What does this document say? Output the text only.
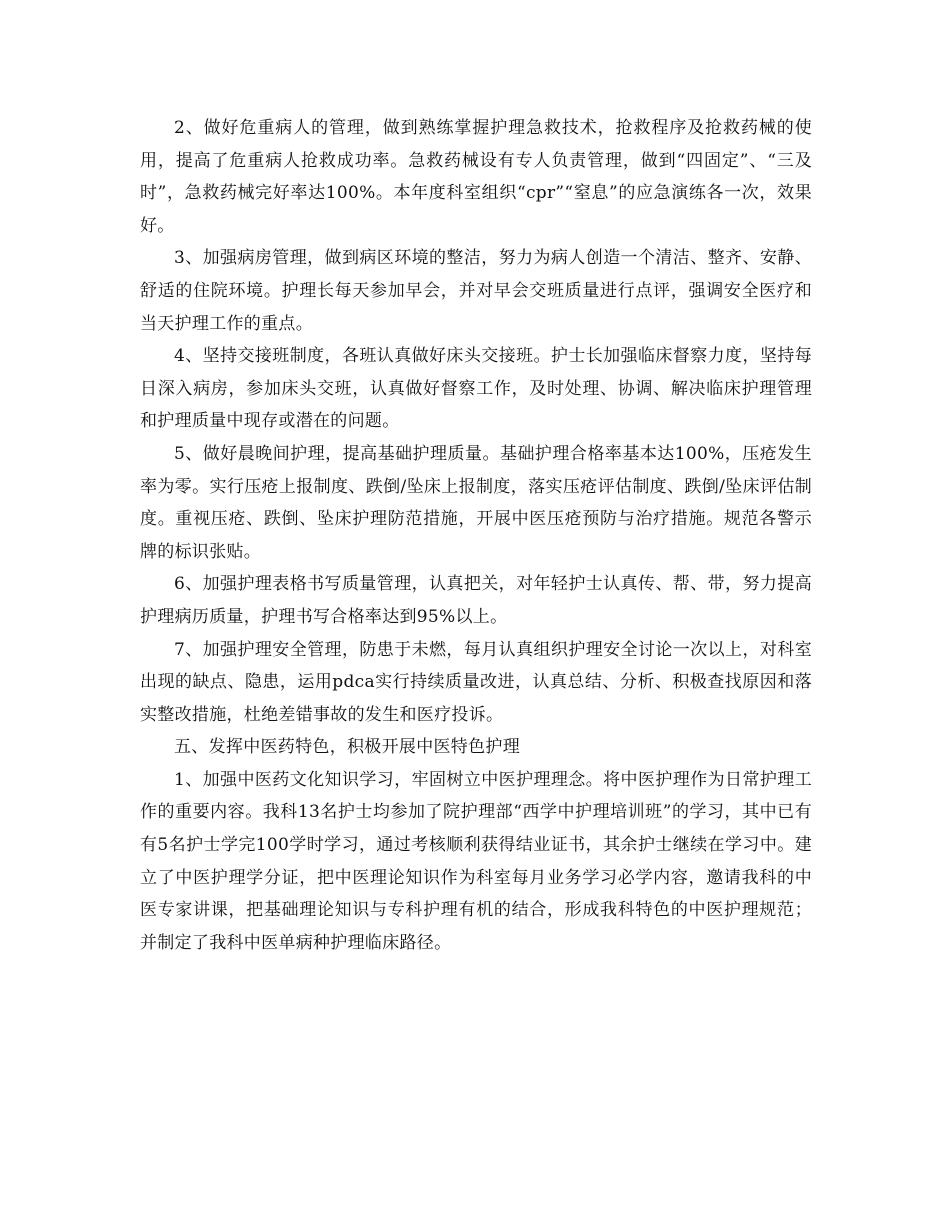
2、做好危重病人的管理，做到熟练掌握护理急救技术，抢救程序及抢救药械的使用，提高了危重病人抢救成功率。急救药械设有专人负责管理，做到“四固定”、“三及时”，急救药械完好率达100%。本年度科室组织“cpr”“窒息”的应急演练各一次，效果好。

3、加强病房管理，做到病区环境的整洁，努力为病人创造一个清洁、整齐、安静、舒适的住院环境。护理长每天参加早会，并对早会交班质量进行点评，强调安全医疗和当天护理工作的重点。

4、坚持交接班制度，各班认真做好床头交接班。护士长加强临床督察力度，坚持每日深入病房，参加床头交班，认真做好督察工作，及时处理、协调、解决临床护理管理和护理质量中现存或潜在的问题。

5、做好晨晚间护理，提高基础护理质量。基础护理合格率基本达100%，压疮发生率为零。实行压疮上报制度、跌倒/坠床上报制度，落实压疮评估制度、跌倒/坠床评估制度。重视压疮、跌倒、坠床护理防范措施，开展中医压疮预防与治疗措施。规范各警示牌的标识张贴。

6、加强护理表格书写质量管理，认真把关，对年轻护士认真传、帮、带，努力提高护理病历质量，护理书写合格率达到95%以上。

7、加强护理安全管理，防患于未燃，每月认真组织护理安全讨论一次以上，对科室出现的缺点、隐患，运用pdca实行持续质量改进，认真总结、分析、积极查找原因和落实整改措施，杜绝差错事故的发生和医疗投诉。

五、发挥中医药特色，积极开展中医特色护理

1、加强中医药文化知识学习，牢固树立中医护理理念。将中医护理作为日常护理工作的重要内容。我科13名护士均参加了院护理部“西学中护理培训班”的学习，其中已有有5名护士学完100学时学习，通过考核顺利获得结业证书，其余护士继续在学习中。建立了中医护理学分证，把中医理论知识作为科室每月业务学习必学内容，邀请我科的中医专家讲课，把基础理论知识与专科护理有机的结合，形成我科特色的中医护理规范；并制定了我科中医单病种护理临床路径。
